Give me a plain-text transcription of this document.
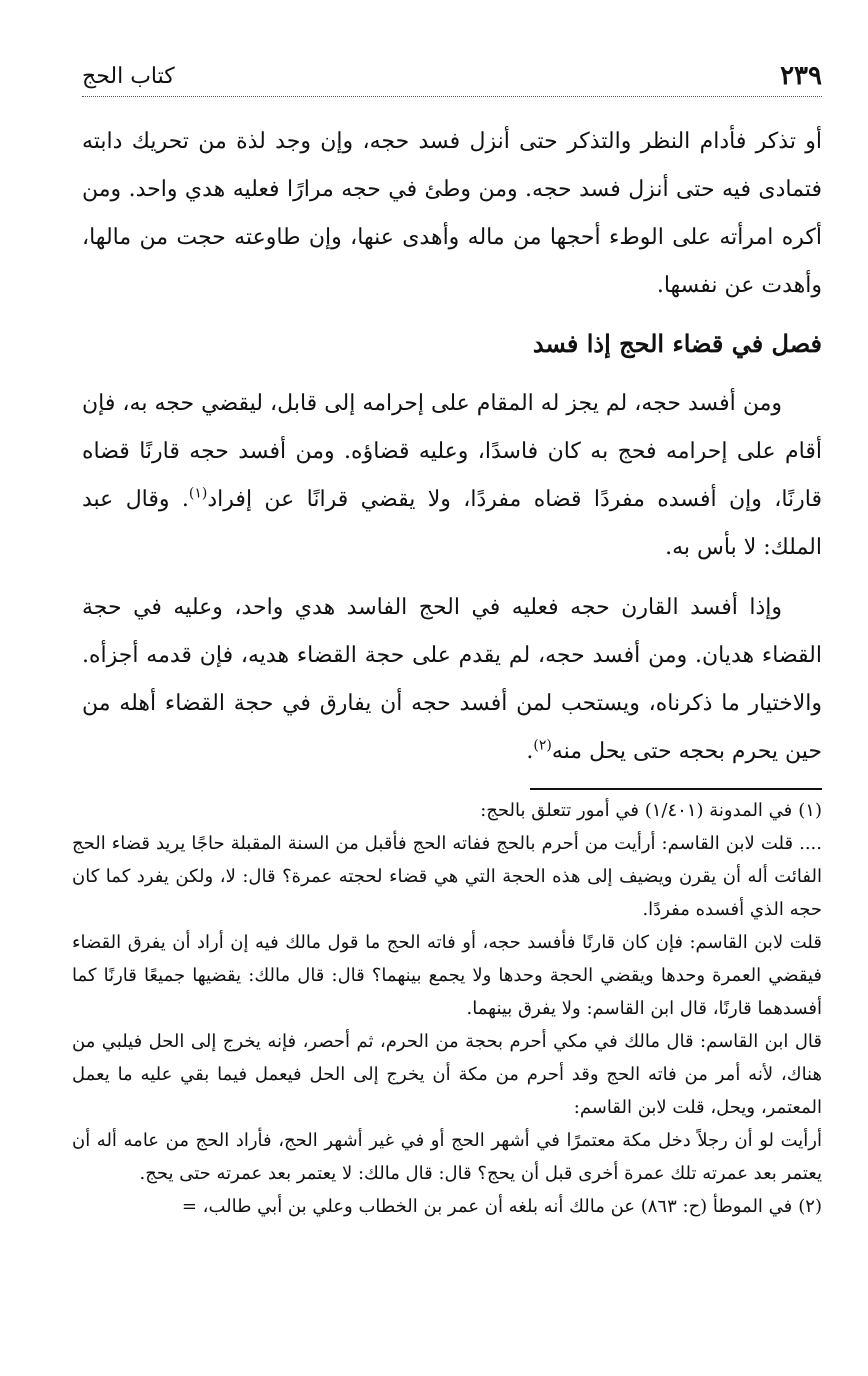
٢٣٩
كتاب الحج

أو تذكر فأدام النظر والتذكر حتى أنزل فسد حجه، وإن وجد لذة من تحريك دابته فتمادى فيه حتى أنزل فسد حجه. ومن وطئ في حجه مرارًا فعليه هدي واحد. ومن أكره امرأته على الوطء أحجها من ماله وأهدى عنها، وإن طاوعته حجت من مالها، وأهدت عن نفسها.

فصل في قضاء الحج إذا فسد

ومن أفسد حجه، لم يجز له المقام على إحرامه إلى قابل، ليقضي حجه به، فإن أقام على إحرامه فحج به كان فاسدًا، وعليه قضاؤه. ومن أفسد حجه قارنًا قضاه قارنًا، وإن أفسده مفردًا قضاه مفردًا، ولا يقضي قرانًا عن إفراد$^{(١)}$. وقال عبد الملك: لا بأس به.

وإذا أفسد القارن حجه فعليه في الحج الفاسد هدي واحد، وعليه في حجة القضاء هديان. ومن أفسد حجه، لم يقدم على حجة القضاء هديه، فإن قدمه أجزأه. والاختيار ما ذكرناه، ويستحب لمن أفسد حجه أن يفارق في حجة القضاء أهله من حين يحرم بحجه حتى يحل منه$^{(٢)}$.

(١)في المدونة (١/٤٠١) في أمور تتعلق بالحج:

.... قلت لابن القاسم: أرأيت من أحرم بالحج ففاته الحج فأقبل من السنة المقبلة حاجًا يريد قضاء الحج الفائت أله أن يقرن ويضيف إلى هذه الحجة التي هي قضاء لحجته عمرة؟ قال: لا، ولكن يفرد كما كان حجه الذي أفسده مفردًا.

قلت لابن القاسم: فإن كان قارنًا فأفسد حجه، أو فاته الحج ما قول مالك فيه إن أراد أن يفرق القضاء فيقضي العمرة وحدها ويقضي الحجة وحدها ولا يجمع بينهما؟ قال: قال مالك: يقضيها جميعًا قارنًا كما أفسدهما قارنًا، قال ابن القاسم: ولا يفرق بينهما.

قال ابن القاسم: قال مالك في مكي أحرم بحجة من الحرم، ثم أحصر، فإنه يخرج إلى الحل فيلبي من هناك، لأنه أمر من فاته الحج وقد أحرم من مكة أن يخرج إلى الحل فيعمل فيما بقي عليه ما يعمل المعتمر، ويحل، قلت لابن القاسم:

أرأيت لو أن رجلاً دخل مكة معتمرًا في أشهر الحج أو في غير أشهر الحج، فأراد الحج من عامه أله أن يعتمر بعد عمرته تلك عمرة أخرى قبل أن يحج؟ قال: قال مالك: لا يعتمر بعد عمرته حتى يحج.

(٢)في الموطأ (ح: ٨٦٣) عن مالك أنه بلغه أن عمر بن الخطاب وعلي بن أبي طالب، =
